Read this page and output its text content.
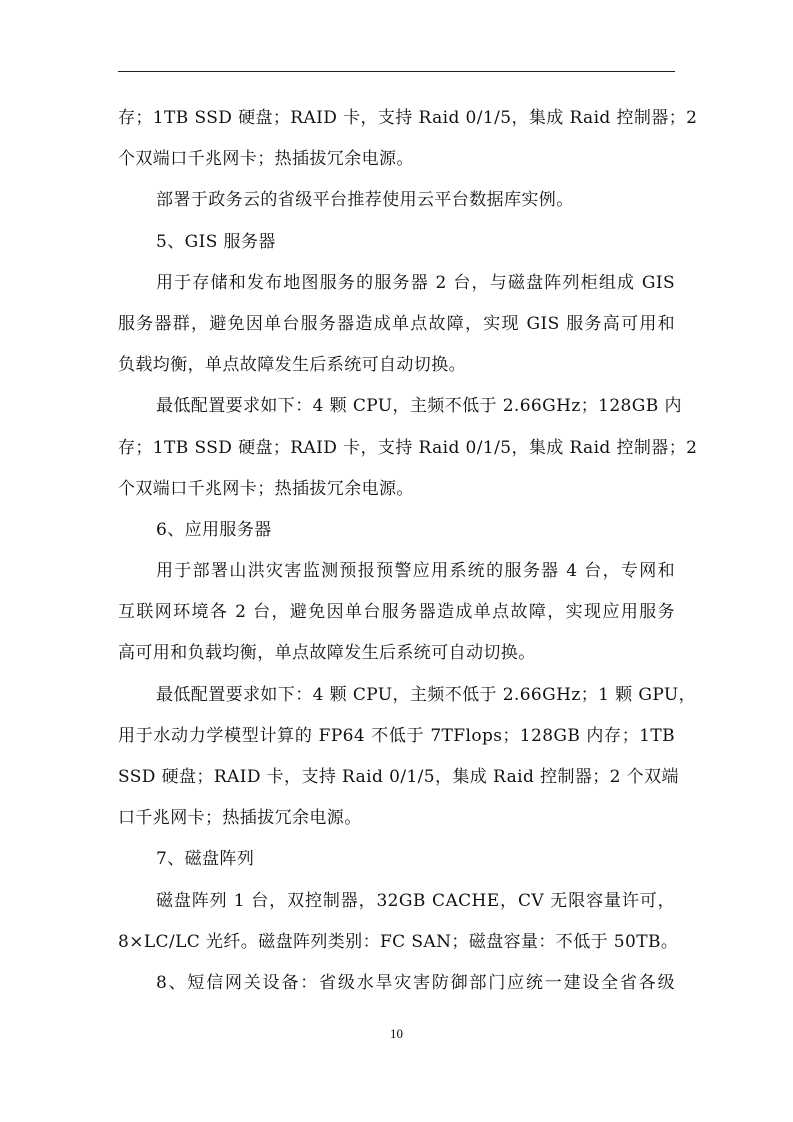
存；1TB SSD 硬盘；RAID 卡，支持 Raid 0/1/5，集成 Raid 控制器；2
个双端口千兆网卡；热插拔冗余电源。
部署于政务云的省级平台推荐使用云平台数据库实例。
5、GIS 服务器
用于存储和发布地图服务的服务器 2 台，与磁盘阵列柜组成 GIS
服务器群，避免因单台服务器造成单点故障，实现 GIS 服务高可用和
负载均衡，单点故障发生后系统可自动切换。
最低配置要求如下：4 颗 CPU，主频不低于 2.66GHz；128GB 内
存；1TB SSD 硬盘；RAID 卡，支持 Raid 0/1/5，集成 Raid 控制器；2
个双端口千兆网卡；热插拔冗余电源。
6、应用服务器
用于部署山洪灾害监测预报预警应用系统的服务器 4 台，专网和
互联网环境各 2 台，避免因单台服务器造成单点故障，实现应用服务
高可用和负载均衡，单点故障发生后系统可自动切换。
最低配置要求如下：4 颗 CPU，主频不低于 2.66GHz；1 颗 GPU，
用于水动力学模型计算的 FP64 不低于 7TFlops；128GB 内存；1TB
SSD 硬盘；RAID 卡，支持 Raid 0/1/5，集成 Raid 控制器；2 个双端
口千兆网卡；热插拔冗余电源。
7、磁盘阵列
磁盘阵列 1 台，双控制器，32GB CACHE，CV 无限容量许可，
8×LC/LC 光纤。磁盘阵列类别：FC SAN；磁盘容量：不低于 50TB。
8、短信网关设备：省级水旱灾害防御部门应统一建设全省各级
10
